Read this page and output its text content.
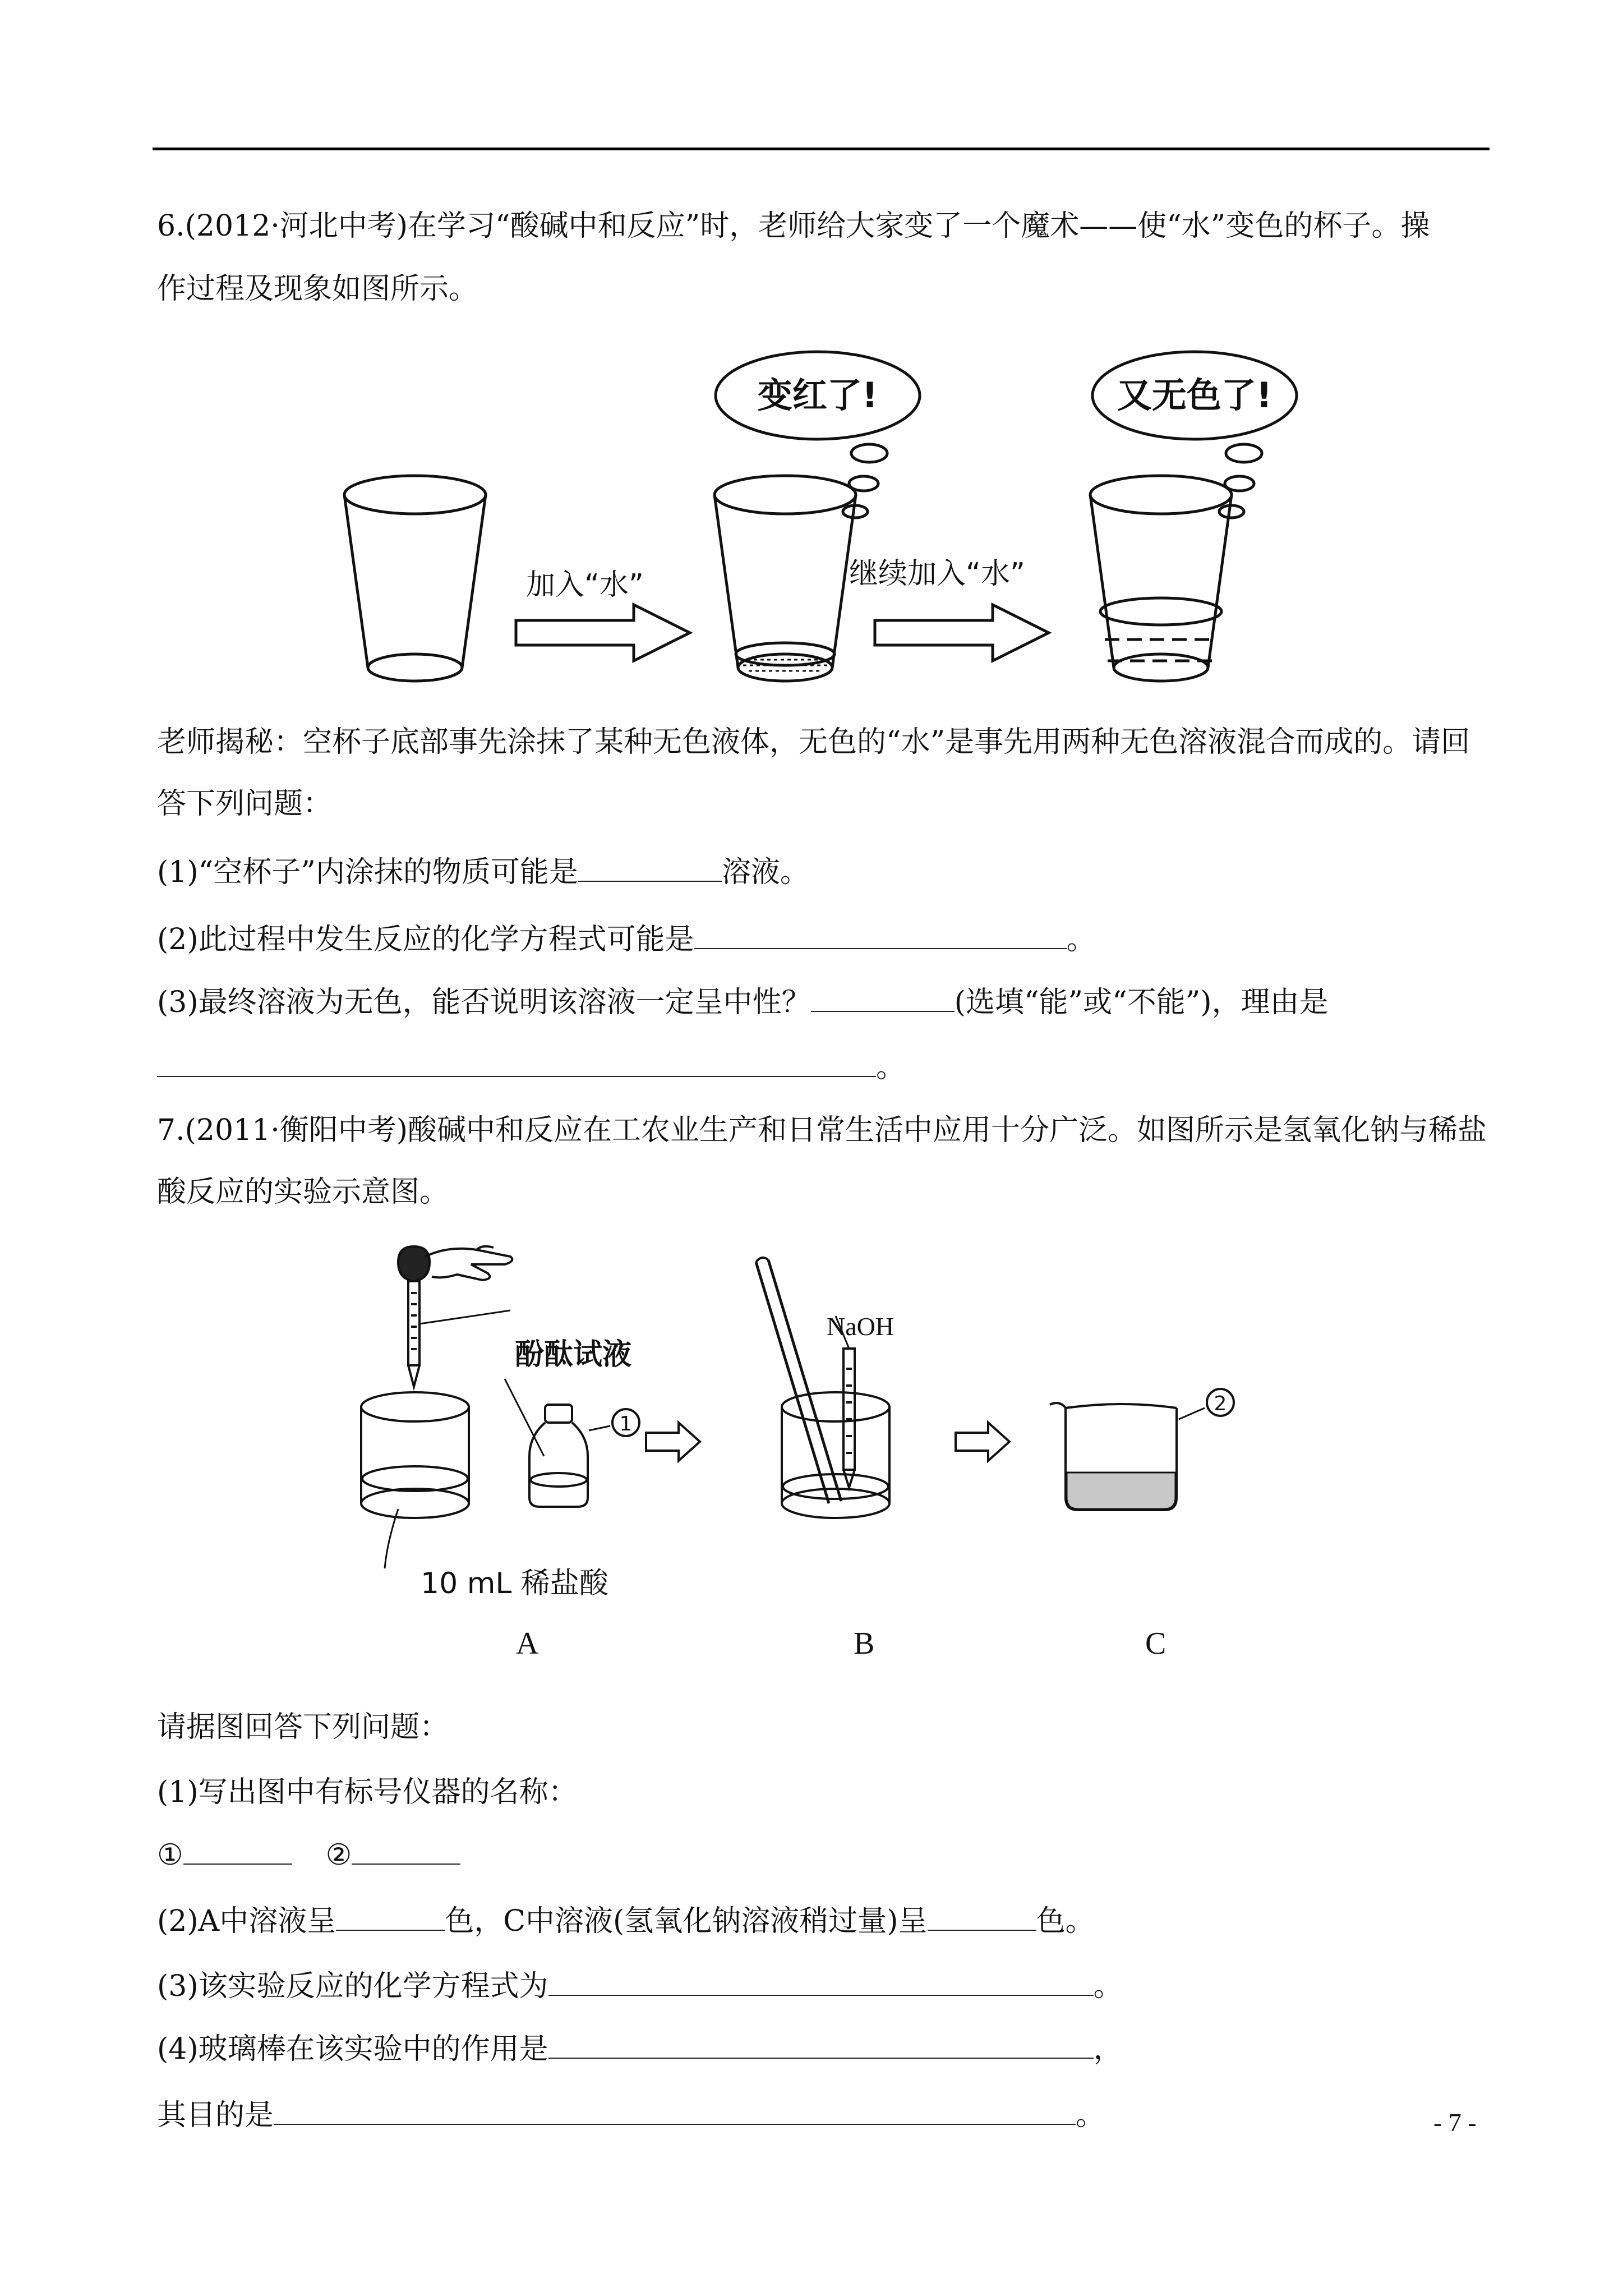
6.(2012·河北中考)在学习“酸碱中和反应”时，老师给大家变了一个魔术——使“水”变色的杯子。操
作过程及现象如图所示。
变红了!	又无色了!
加入“水”	继续加入“水”
老师揭秘：空杯子底部事先涂抹了某种无色液体，无色的“水”是事先用两种无色溶液混合而成的。请回
答下列问题：
(1)“空杯子”内涂抹的物质可能是	溶液。
(2)此过程中发生反应的化学方程式可能是	。
(3)最终溶液为无色，能否说明该溶液一定呈中性？	(选填“能”或“不能”)，理由是
。
7.(2011·衡阳中考)酸碱中和反应在工农业生产和日常生活中应用十分广泛。如图所示是氢氧化钠与稀盐
酸反应的实验示意图。
酚酞试液
10 mL 稀盐酸
NaOH
1
2
A	B	C
请据图回答下列问题：
(1)写出图中有标号仪器的名称：
①	②
(2)A中溶液呈	色，C中溶液(氢氧化钠溶液稍过量)呈	色。
(3)该实验反应的化学方程式为	。
(4)玻璃棒在该实验中的作用是	，
其目的是	。	- 7 -
